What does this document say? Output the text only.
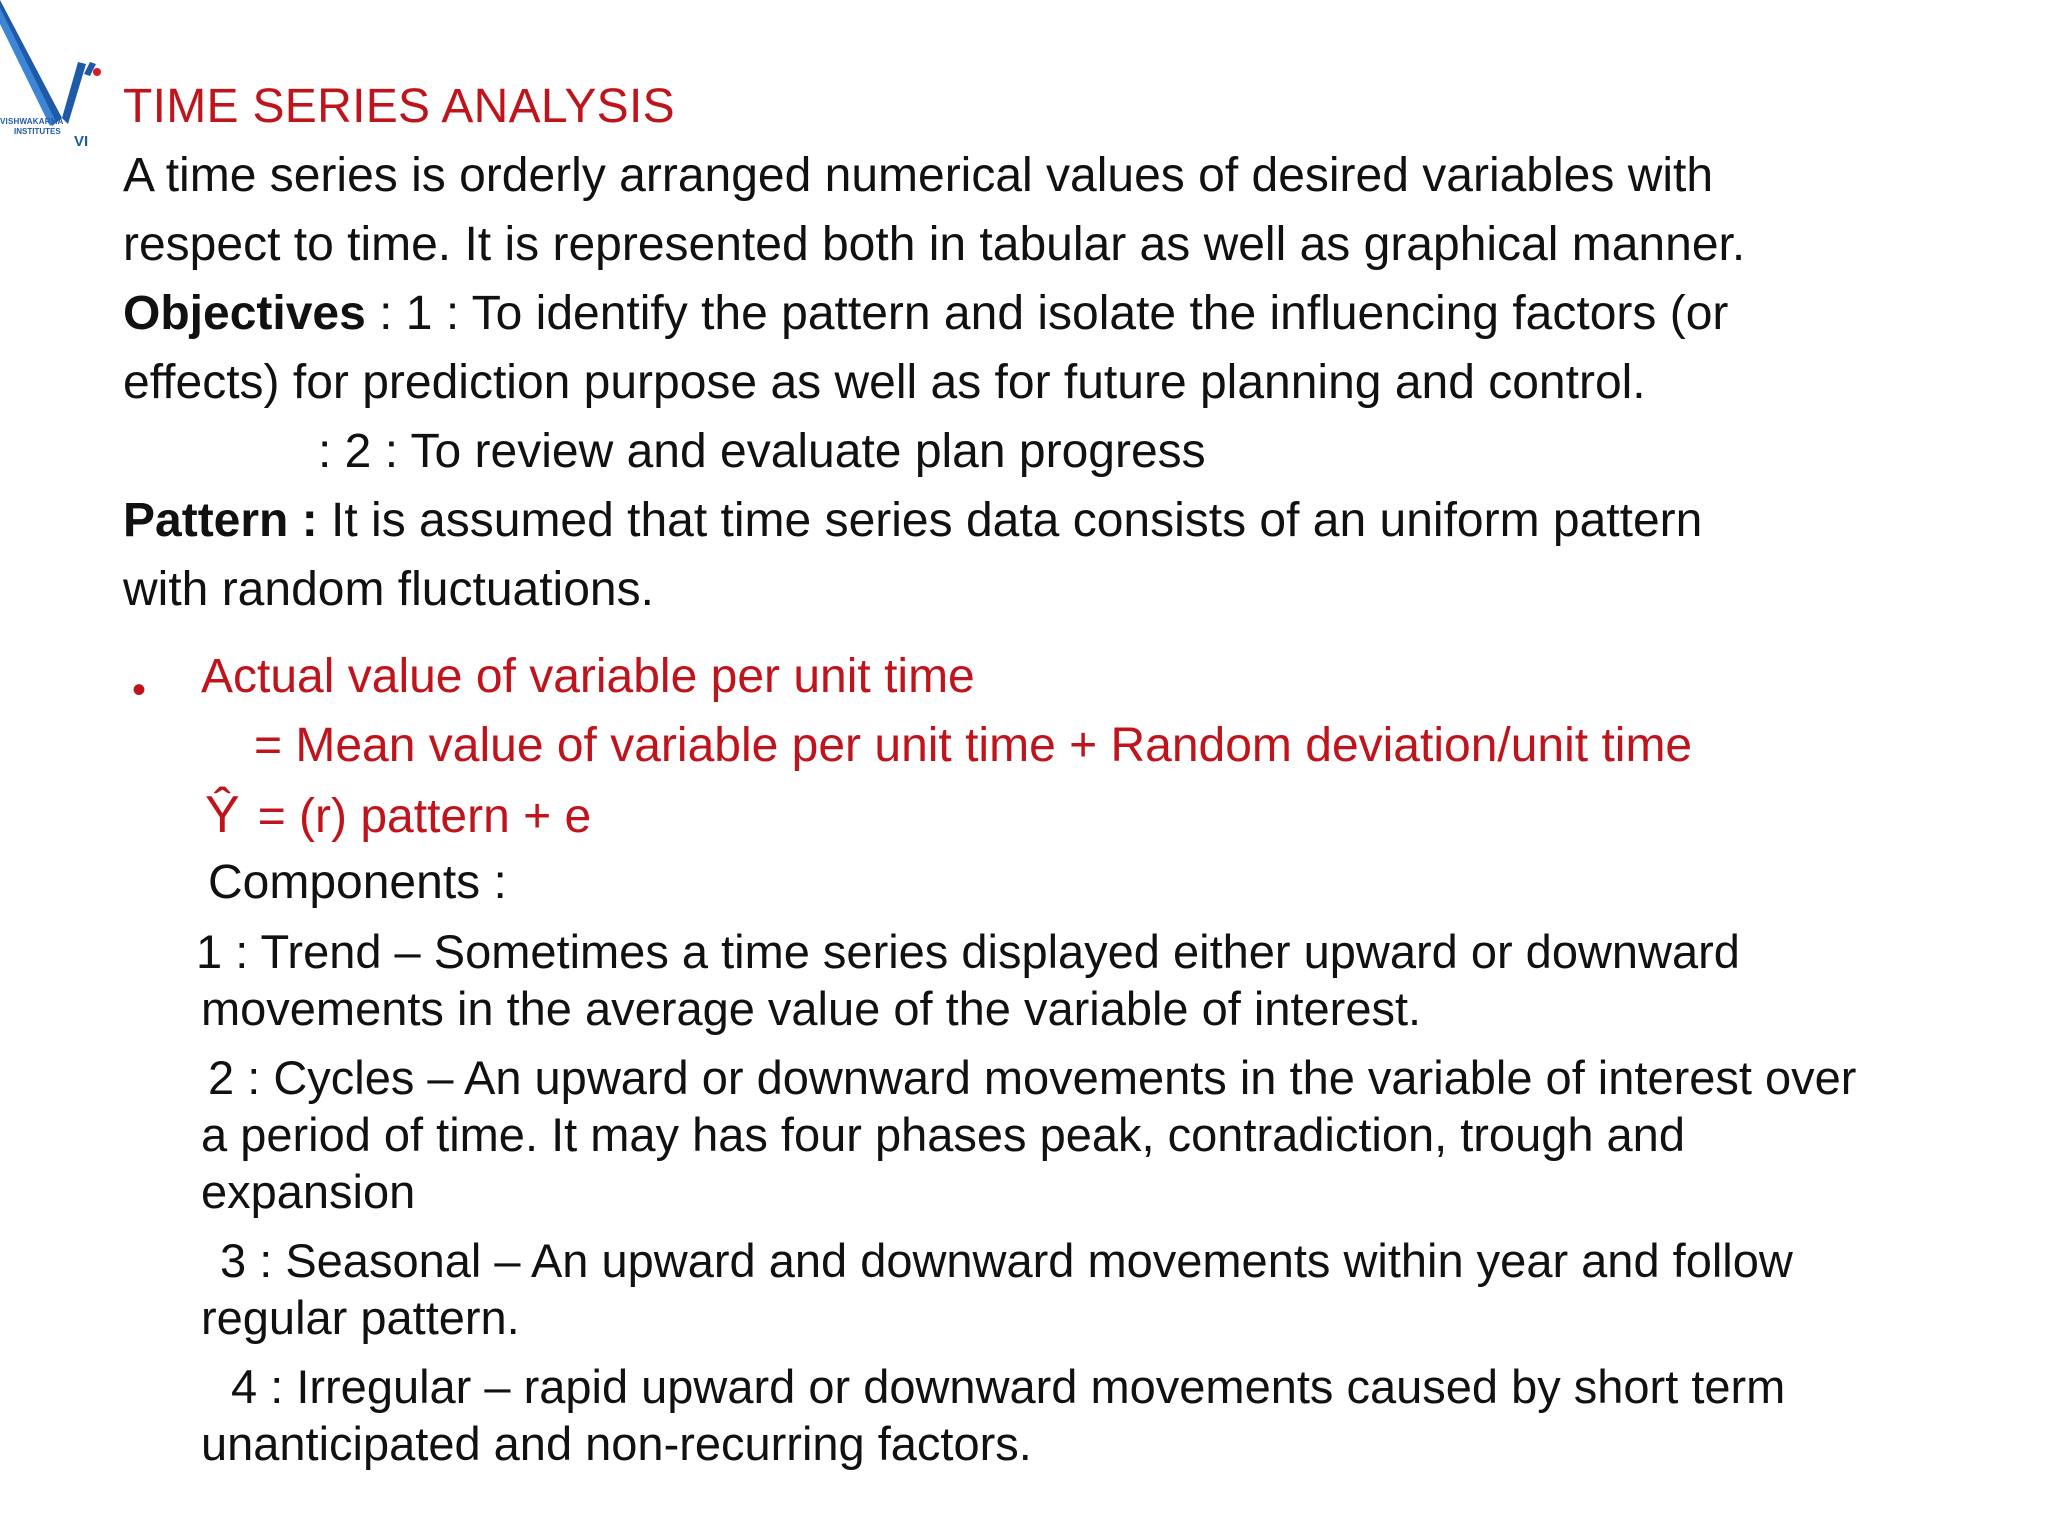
VISHWAKARMA
INSTITUTES
VI
TIME SERIES ANALYSIS
A time series is orderly arranged numerical values of desired variables with
respect to time. It is represented both in tabular as well as graphical manner.
Objectives : 1 : To identify the pattern and isolate the influencing factors (or
effects) for prediction purpose as well as for future planning and control.
: 2 : To review and evaluate plan progress
Pattern : It is assumed that time series data consists of an uniform pattern
with random fluctuations.
• Actual value of variable per unit time
= Mean value of variable per unit time + Random deviation/unit time
Ŷ = (r) pattern + e
Components :
1 : Trend – Sometimes a time series displayed either upward or downward
movements in the average value of the variable of interest.
2 : Cycles – An upward or downward movements in the variable of interest over
a period of time. It may has four phases peak, contradiction, trough and
expansion
3 : Seasonal – An upward and downward movements within year and follow
regular pattern.
4 : Irregular – rapid upward or downward movements caused by short term
unanticipated and non-recurring factors.
